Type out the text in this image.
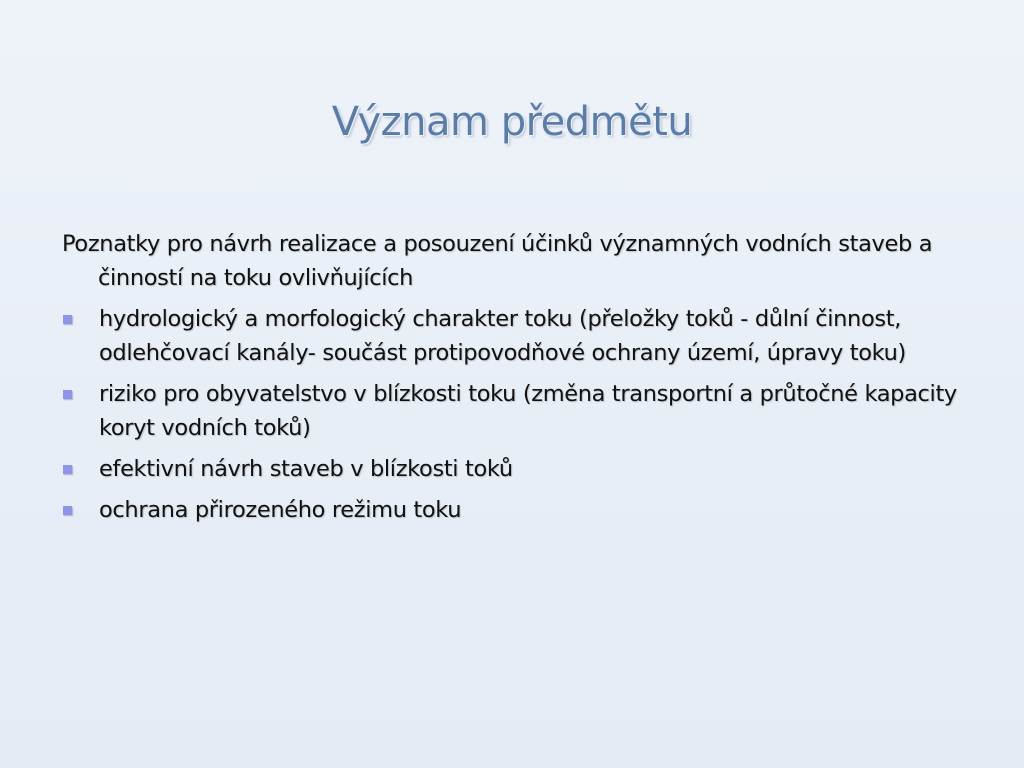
Význam předmětu
Poznatky pro návrh realizace a posouzení účinků významných vodních staveb a činností na toku ovlivňujících
hydrologický a morfologický charakter toku (přeložky toků - důlní činnost, odlehčovací kanály- součást protipovodňové ochrany území, úpravy toku)
riziko pro obyvatelstvo v blízkosti toku (změna transportní a průtočné kapacity koryt vodních toků)
efektivní návrh staveb v blízkosti toků
ochrana přirozeného režimu toku
